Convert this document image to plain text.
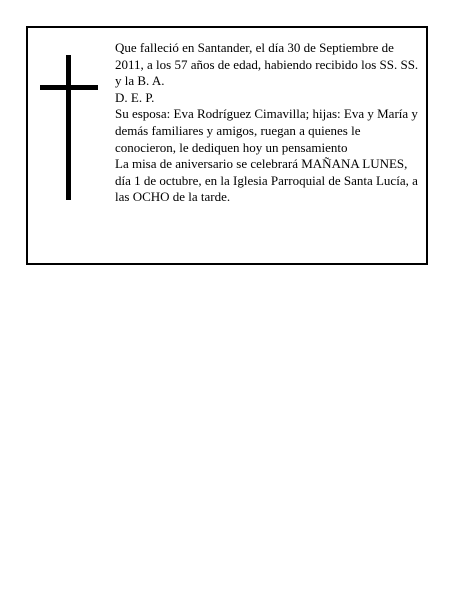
Que falleció en Santander, el día 30 de Septiembre de 2011, a los 57 años de edad, habiendo recibido los SS. SS. y la B. A.

D. E. P.

Su esposa: Eva Rodríguez Cimavilla; hijas: Eva y María y demás familiares y amigos, ruegan a quienes le conocieron, le dediquen hoy un pensamiento

La misa de aniversario se celebrará MAÑANA LUNES, día 1 de octubre, en la Iglesia Parroquial de Santa Lucía, a las OCHO de la tarde.
